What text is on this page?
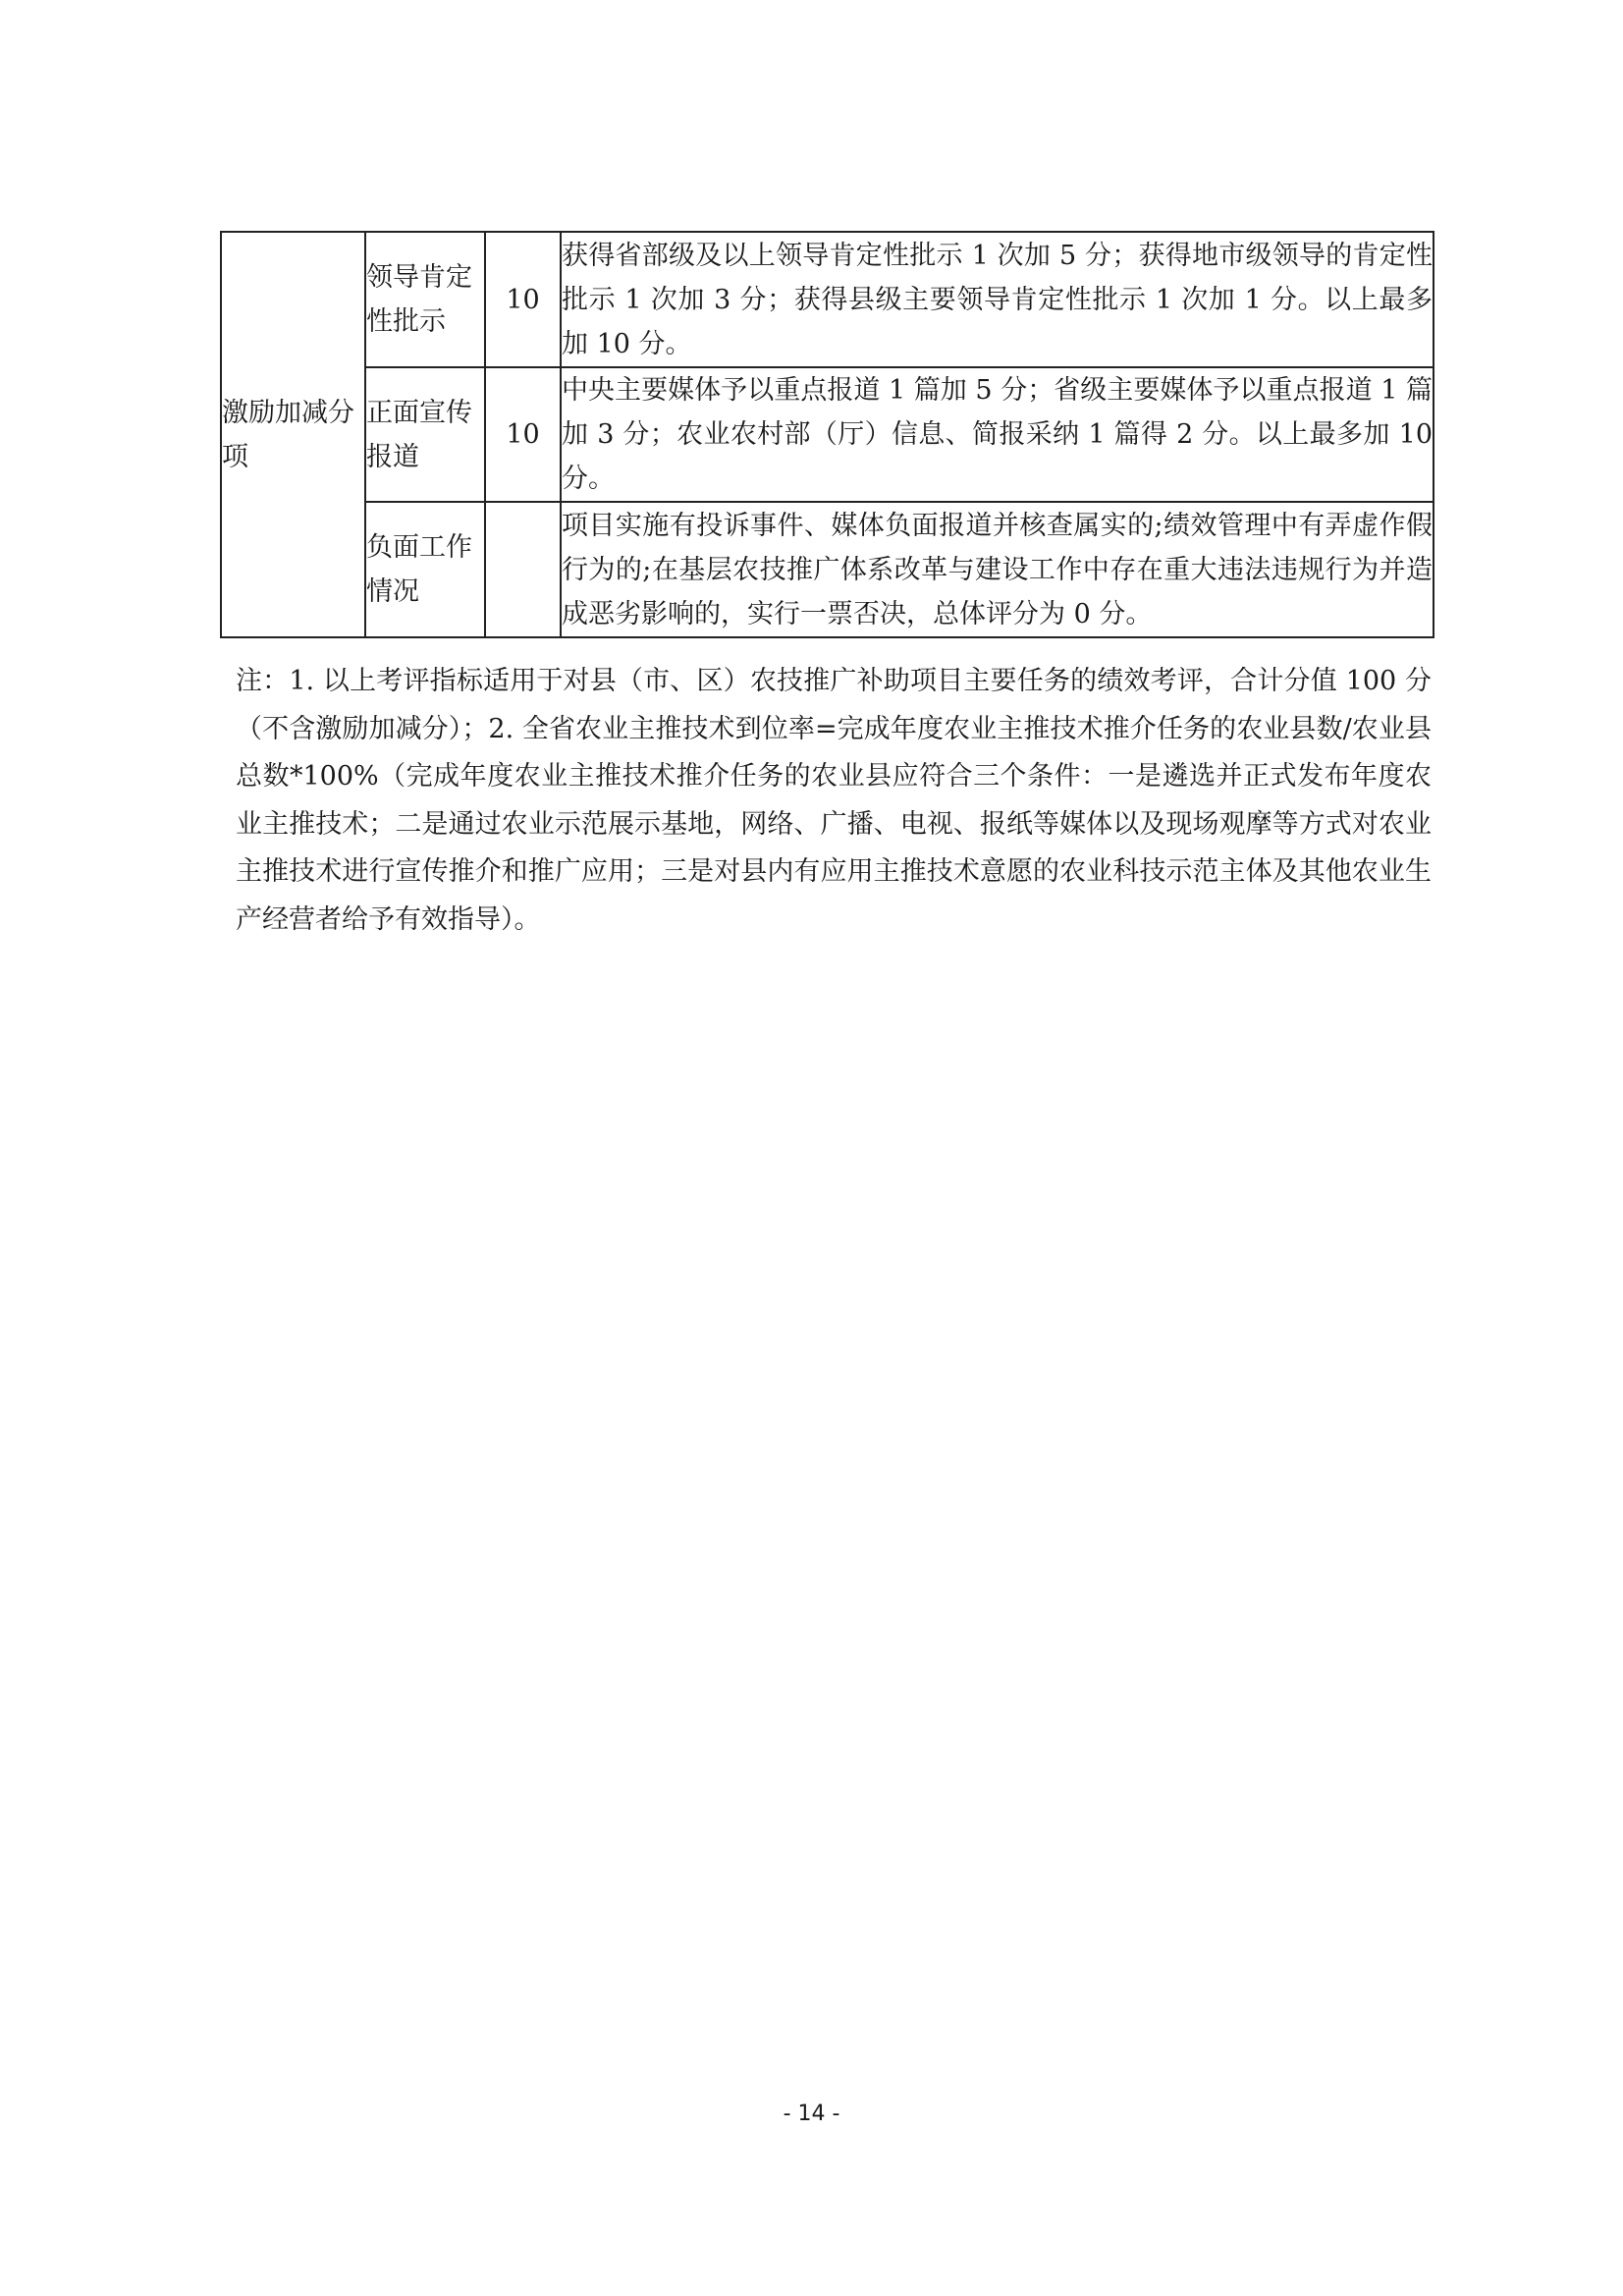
激励加减分项	领导肯定性批示	10	获得省部级及以上领导肯定性批示 1 次加 5 分；获得地市级领导的肯定性批示 1 次加 3 分；获得县级主要领导肯定性批示 1 次加 1 分。以上最多加 10 分。
	正面宣传报道	10	中央主要媒体予以重点报道 1 篇加 5 分；省级主要媒体予以重点报道 1 篇加 3 分；农业农村部（厅）信息、简报采纳 1 篇得 2 分。以上最多加 10 分。
	负面工作情况		项目实施有投诉事件、媒体负面报道并核查属实的;绩效管理中有弄虚作假行为的;在基层农技推广体系改革与建设工作中存在重大违法违规行为并造成恶劣影响的，实行一票否决，总体评分为 0 分。
注：1. 以上考评指标适用于对县（市、区）农技推广补助项目主要任务的绩效考评，合计分值 100 分（不含激励加减分）；2. 全省农业主推技术到位率=完成年度农业主推技术推介任务的农业县数/农业县总数*100%（完成年度农业主推技术推介任务的农业县应符合三个条件：一是遴选并正式发布年度农业主推技术；二是通过农业示范展示基地，网络、广播、电视、报纸等媒体以及现场观摩等方式对农业主推技术进行宣传推介和推广应用；三是对县内有应用主推技术意愿的农业科技示范主体及其他农业生产经营者给予有效指导）。
- 14 -
